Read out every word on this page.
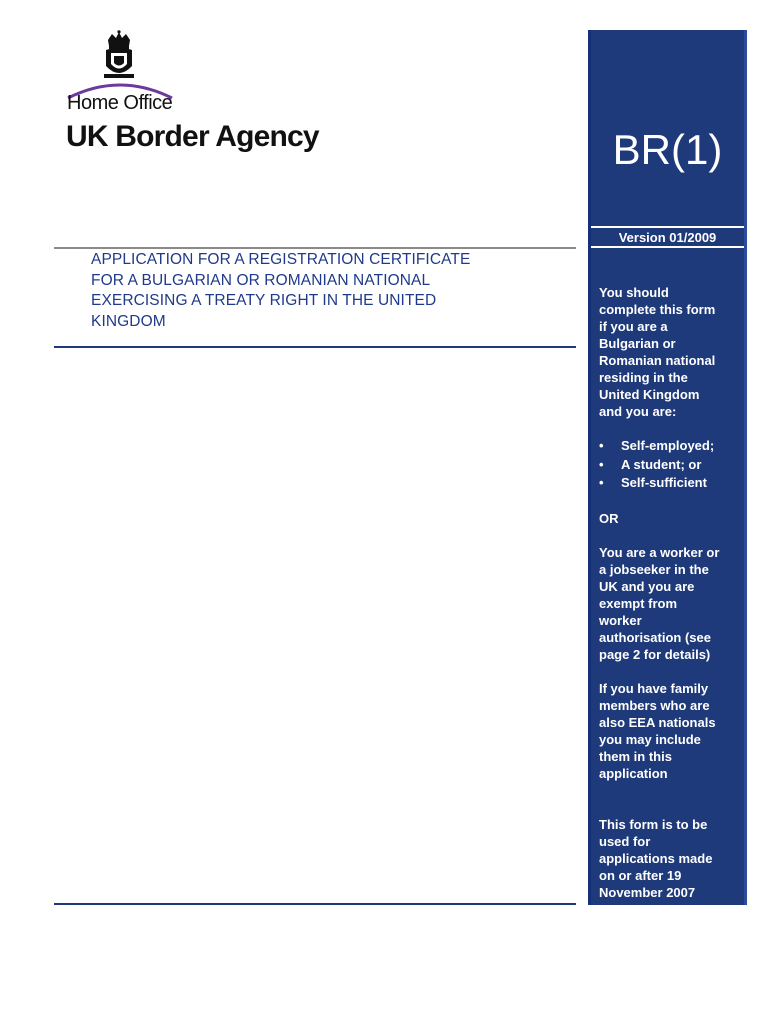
Home Office
UK Border Agency
APPLICATION FOR A REGISTRATION CERTIFICATE
FOR A BULGARIAN OR ROMANIAN NATIONAL
EXERCISING A TREATY RIGHT IN THE UNITED
KINGDOM
BR(1)
Version 01/2009

You should

complete this form

if you are a

Bulgarian or

Romanian national

residing in the

United Kingdom

and you are:

• Self-employed;
• A student; or
• Self-sufficient

OR

You are a worker or

a jobseeker in the

UK and you are

exempt from

worker

authorisation (see

page 2 for details)

If you have family

members who are

also EEA nationals

you may include

them in this

application

This form is to be

used for

applications made

on or after 19

November 2007
